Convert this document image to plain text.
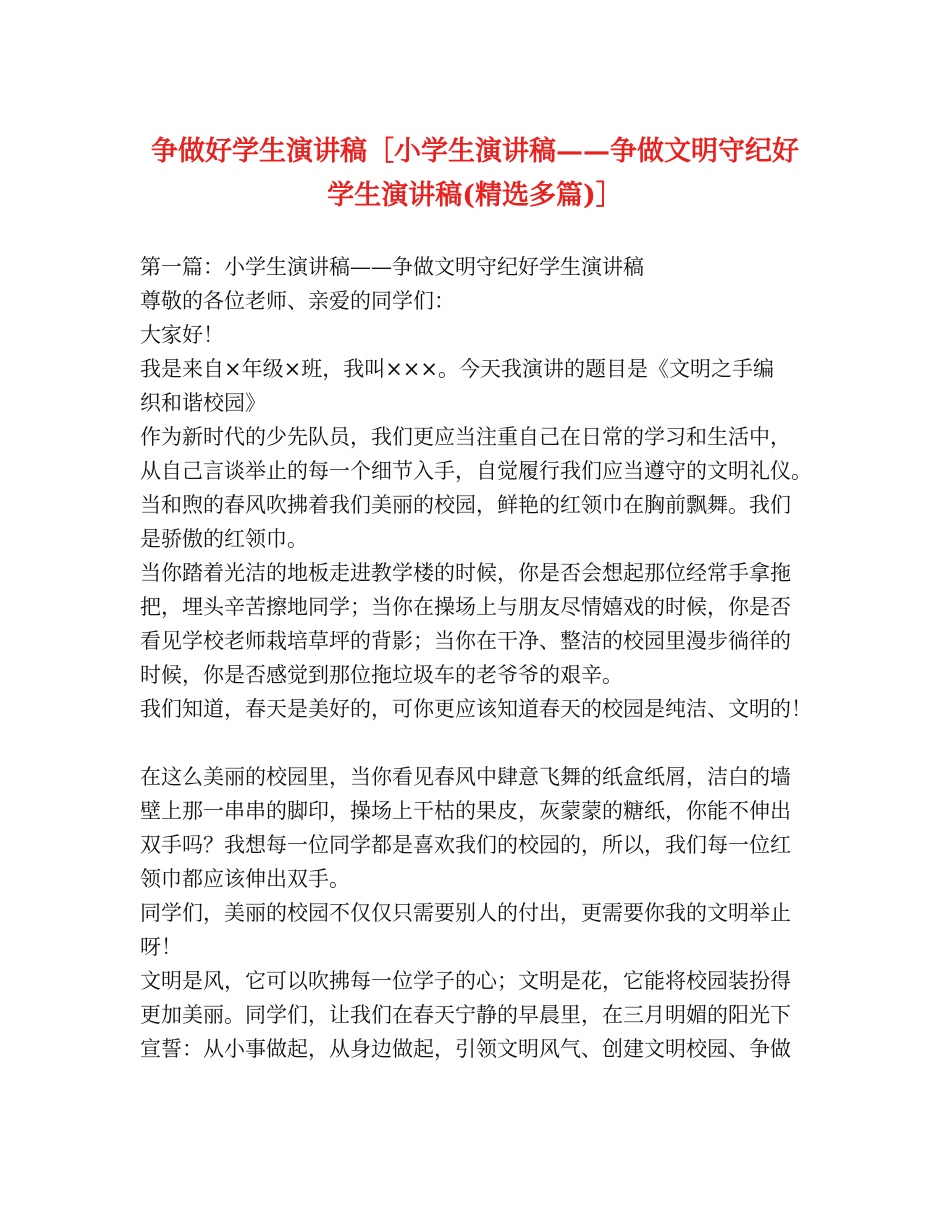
争做好学生演讲稿［小学生演讲稿——争做文明守纪好
学生演讲稿(精选多篇)］
第一篇：小学生演讲稿——争做文明守纪好学生演讲稿
尊敬的各位老师、亲爱的同学们：
大家好！
我是来自×年级×班，我叫×××。今天我演讲的题目是《文明之手编
织和谐校园》
作为新时代的少先队员，我们更应当注重自己在日常的学习和生活中，
从自己言谈举止的每一个细节入手，自觉履行我们应当遵守的文明礼仪。
当和煦的春风吹拂着我们美丽的校园，鲜艳的红领巾在胸前飘舞。我们
是骄傲的红领巾。
当你踏着光洁的地板走进教学楼的时候，你是否会想起那位经常手拿拖
把，埋头辛苦擦地同学；当你在操场上与朋友尽情嬉戏的时候，你是否
看见学校老师栽培草坪的背影；当你在干净、整洁的校园里漫步徜徉的
时候，你是否感觉到那位拖垃圾车的老爷爷的艰辛。
我们知道，春天是美好的，可你更应该知道春天的校园是纯洁、文明的！
在这么美丽的校园里，当你看见春风中肆意飞舞的纸盒纸屑，洁白的墙
壁上那一串串的脚印，操场上干枯的果皮，灰蒙蒙的糖纸，你能不伸出
双手吗？我想每一位同学都是喜欢我们的校园的，所以，我们每一位红
领巾都应该伸出双手。
同学们，美丽的校园不仅仅只需要别人的付出，更需要你我的文明举止
呀！
文明是风，它可以吹拂每一位学子的心；文明是花，它能将校园装扮得
更加美丽。同学们，让我们在春天宁静的早晨里，在三月明媚的阳光下
宣誓：从小事做起，从身边做起，引领文明风气、创建文明校园、争做
